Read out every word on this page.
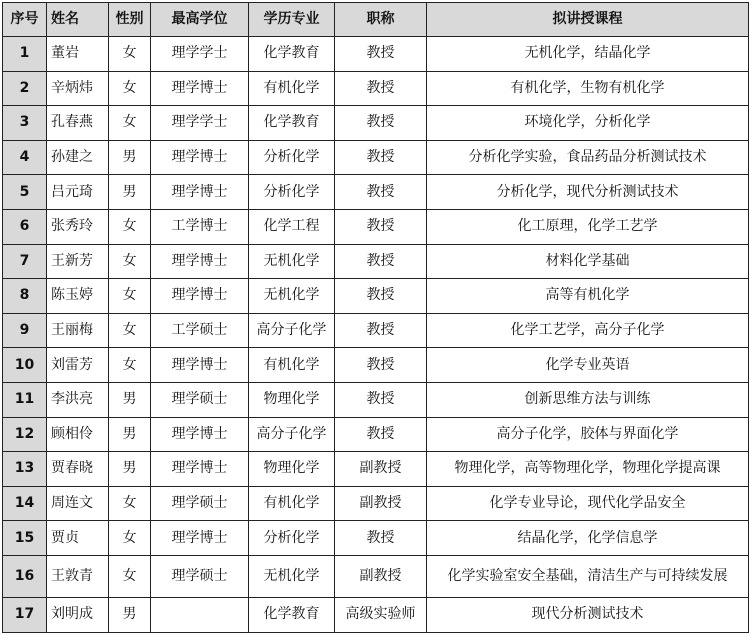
序号	姓名	性别	最高学位	学历专业	职称	拟讲授课程
1	董岩	女	理学学士	化学教育	教授	无机化学，结晶化学
2	辛炳炜	女	理学博士	有机化学	教授	有机化学，生物有机化学
3	孔春燕	女	理学学士	化学教育	教授	环境化学，分析化学
4	孙建之	男	理学博士	分析化学	教授	分析化学实验，食品药品分析测试技术
5	吕元琦	男	理学博士	分析化学	教授	分析化学，现代分析测试技术
6	张秀玲	女	工学博士	化学工程	教授	化工原理，化学工艺学
7	王新芳	女	理学博士	无机化学	教授	材料化学基础
8	陈玉婷	女	理学博士	无机化学	教授	高等有机化学
9	王丽梅	女	工学硕士	高分子化学	教授	化学工艺学，高分子化学
10	刘雷芳	女	理学博士	有机化学	教授	化学专业英语
11	李洪亮	男	理学硕士	物理化学	教授	创新思维方法与训练
12	顾相伶	男	理学博士	高分子化学	教授	高分子化学，胶体与界面化学
13	贾春晓	男	理学博士	物理化学	副教授	物理化学，高等物理化学，物理化学提高课
14	周连文	女	理学硕士	有机化学	副教授	化学专业导论，现代化学品安全
15	贾贞	女	理学博士	分析化学	教授	结晶化学，化学信息学
16	王敦青	女	理学硕士	无机化学	副教授	化学实验室安全基础，清洁生产与可持续发展
17	刘明成	男		化学教育	高级实验师	现代分析测试技术
